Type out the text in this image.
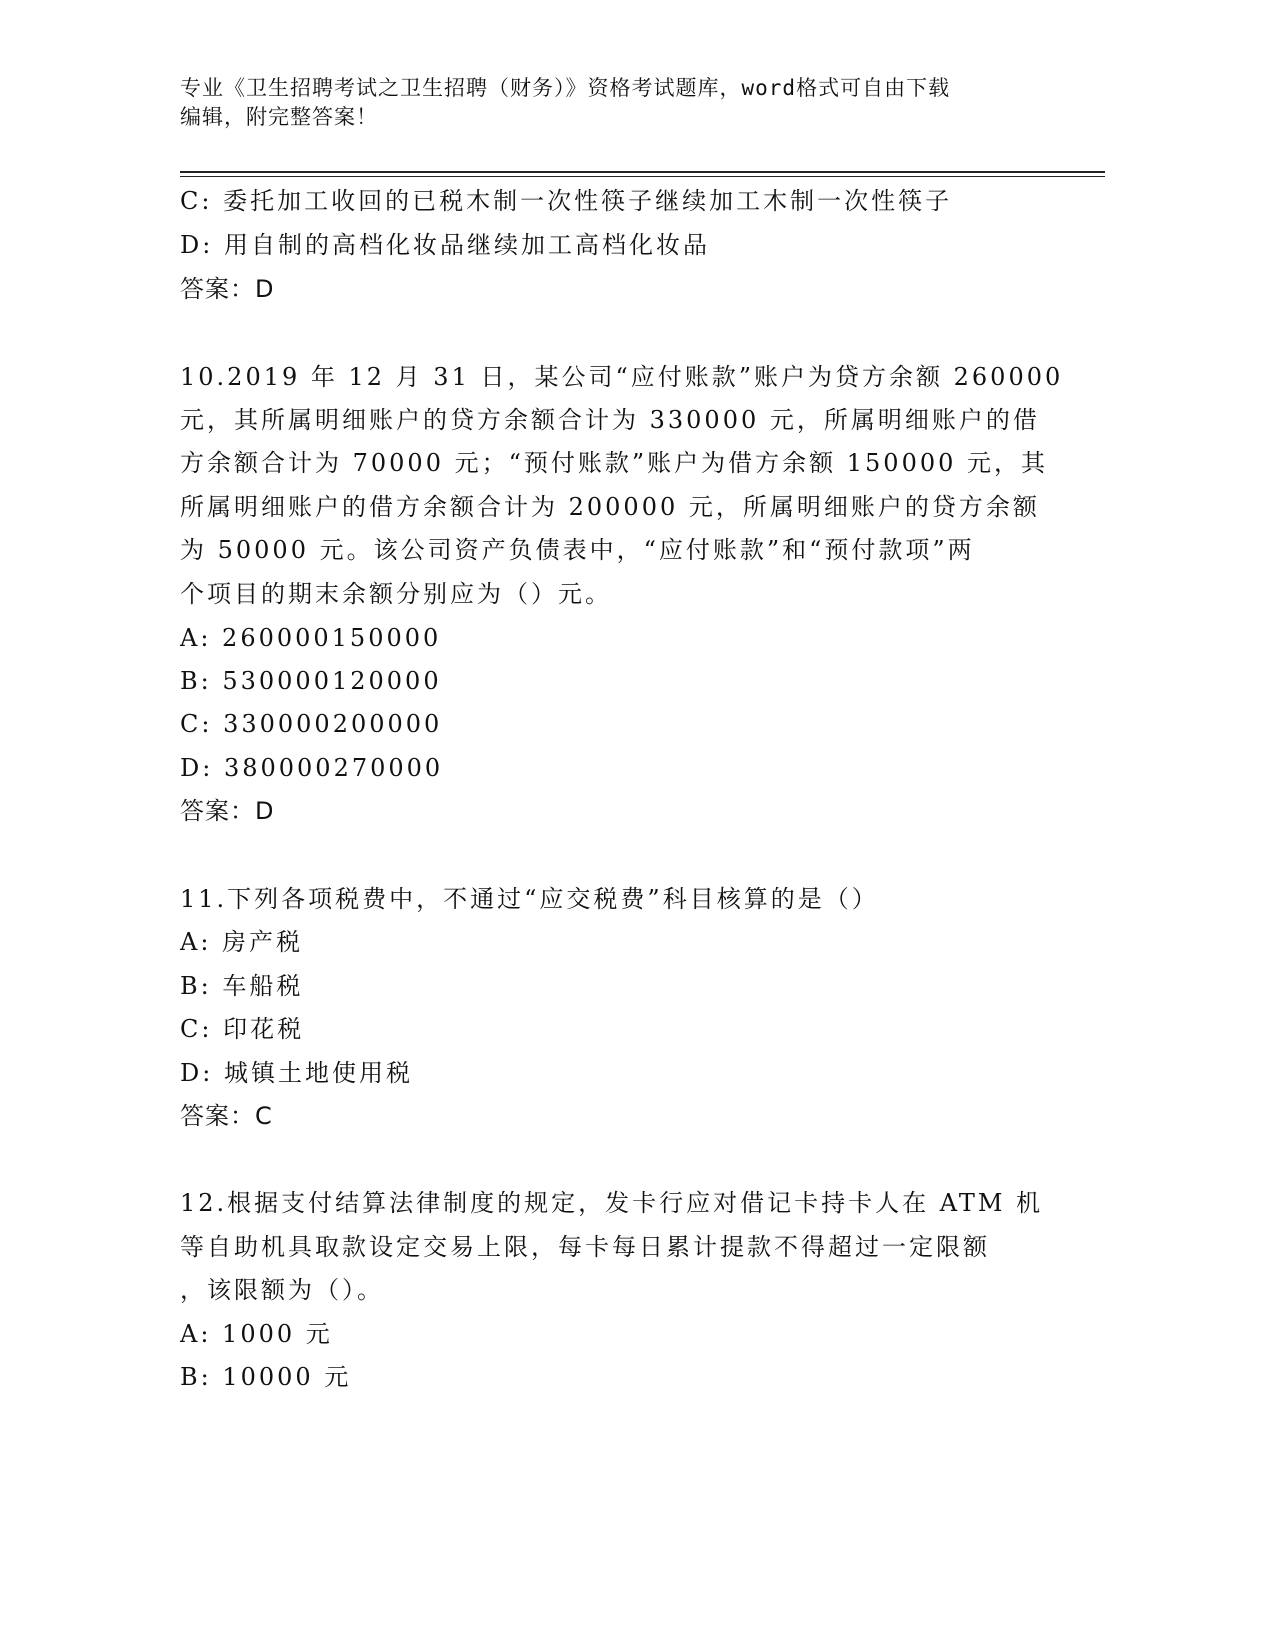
专业《卫生招聘考试之卫生招聘（财务）》资格考试题库，word格式可自由下载
编辑，附完整答案！
C: 委托加工收回的已税木制一次性筷子继续加工木制一次性筷子
D: 用自制的高档化妆品继续加工高档化妆品
答案：D
10.2019 年 12 月 31 日，某公司“应付账款”账户为贷方余额 260000
元，其所属明细账户的贷方余额合计为 330000 元，所属明细账户的借
方余额合计为 70000 元；“预付账款”账户为借方余额 150000 元，其
所属明细账户的借方余额合计为 200000 元，所属明细账户的贷方余额
为 50000 元。该公司资产负债表中，“应付账款”和“预付款项”两
个项目的期末余额分别应为（）元。
A: 260000150000
B: 530000120000
C: 330000200000
D: 380000270000
答案：D
11.下列各项税费中，不通过“应交税费”科目核算的是（）
A: 房产税
B: 车船税
C: 印花税
D: 城镇土地使用税
答案：C
12.根据支付结算法律制度的规定，发卡行应对借记卡持卡人在 ATM 机
等自助机具取款设定交易上限，每卡每日累计提款不得超过一定限额
，该限额为（）。
A: 1000 元
B: 10000 元
